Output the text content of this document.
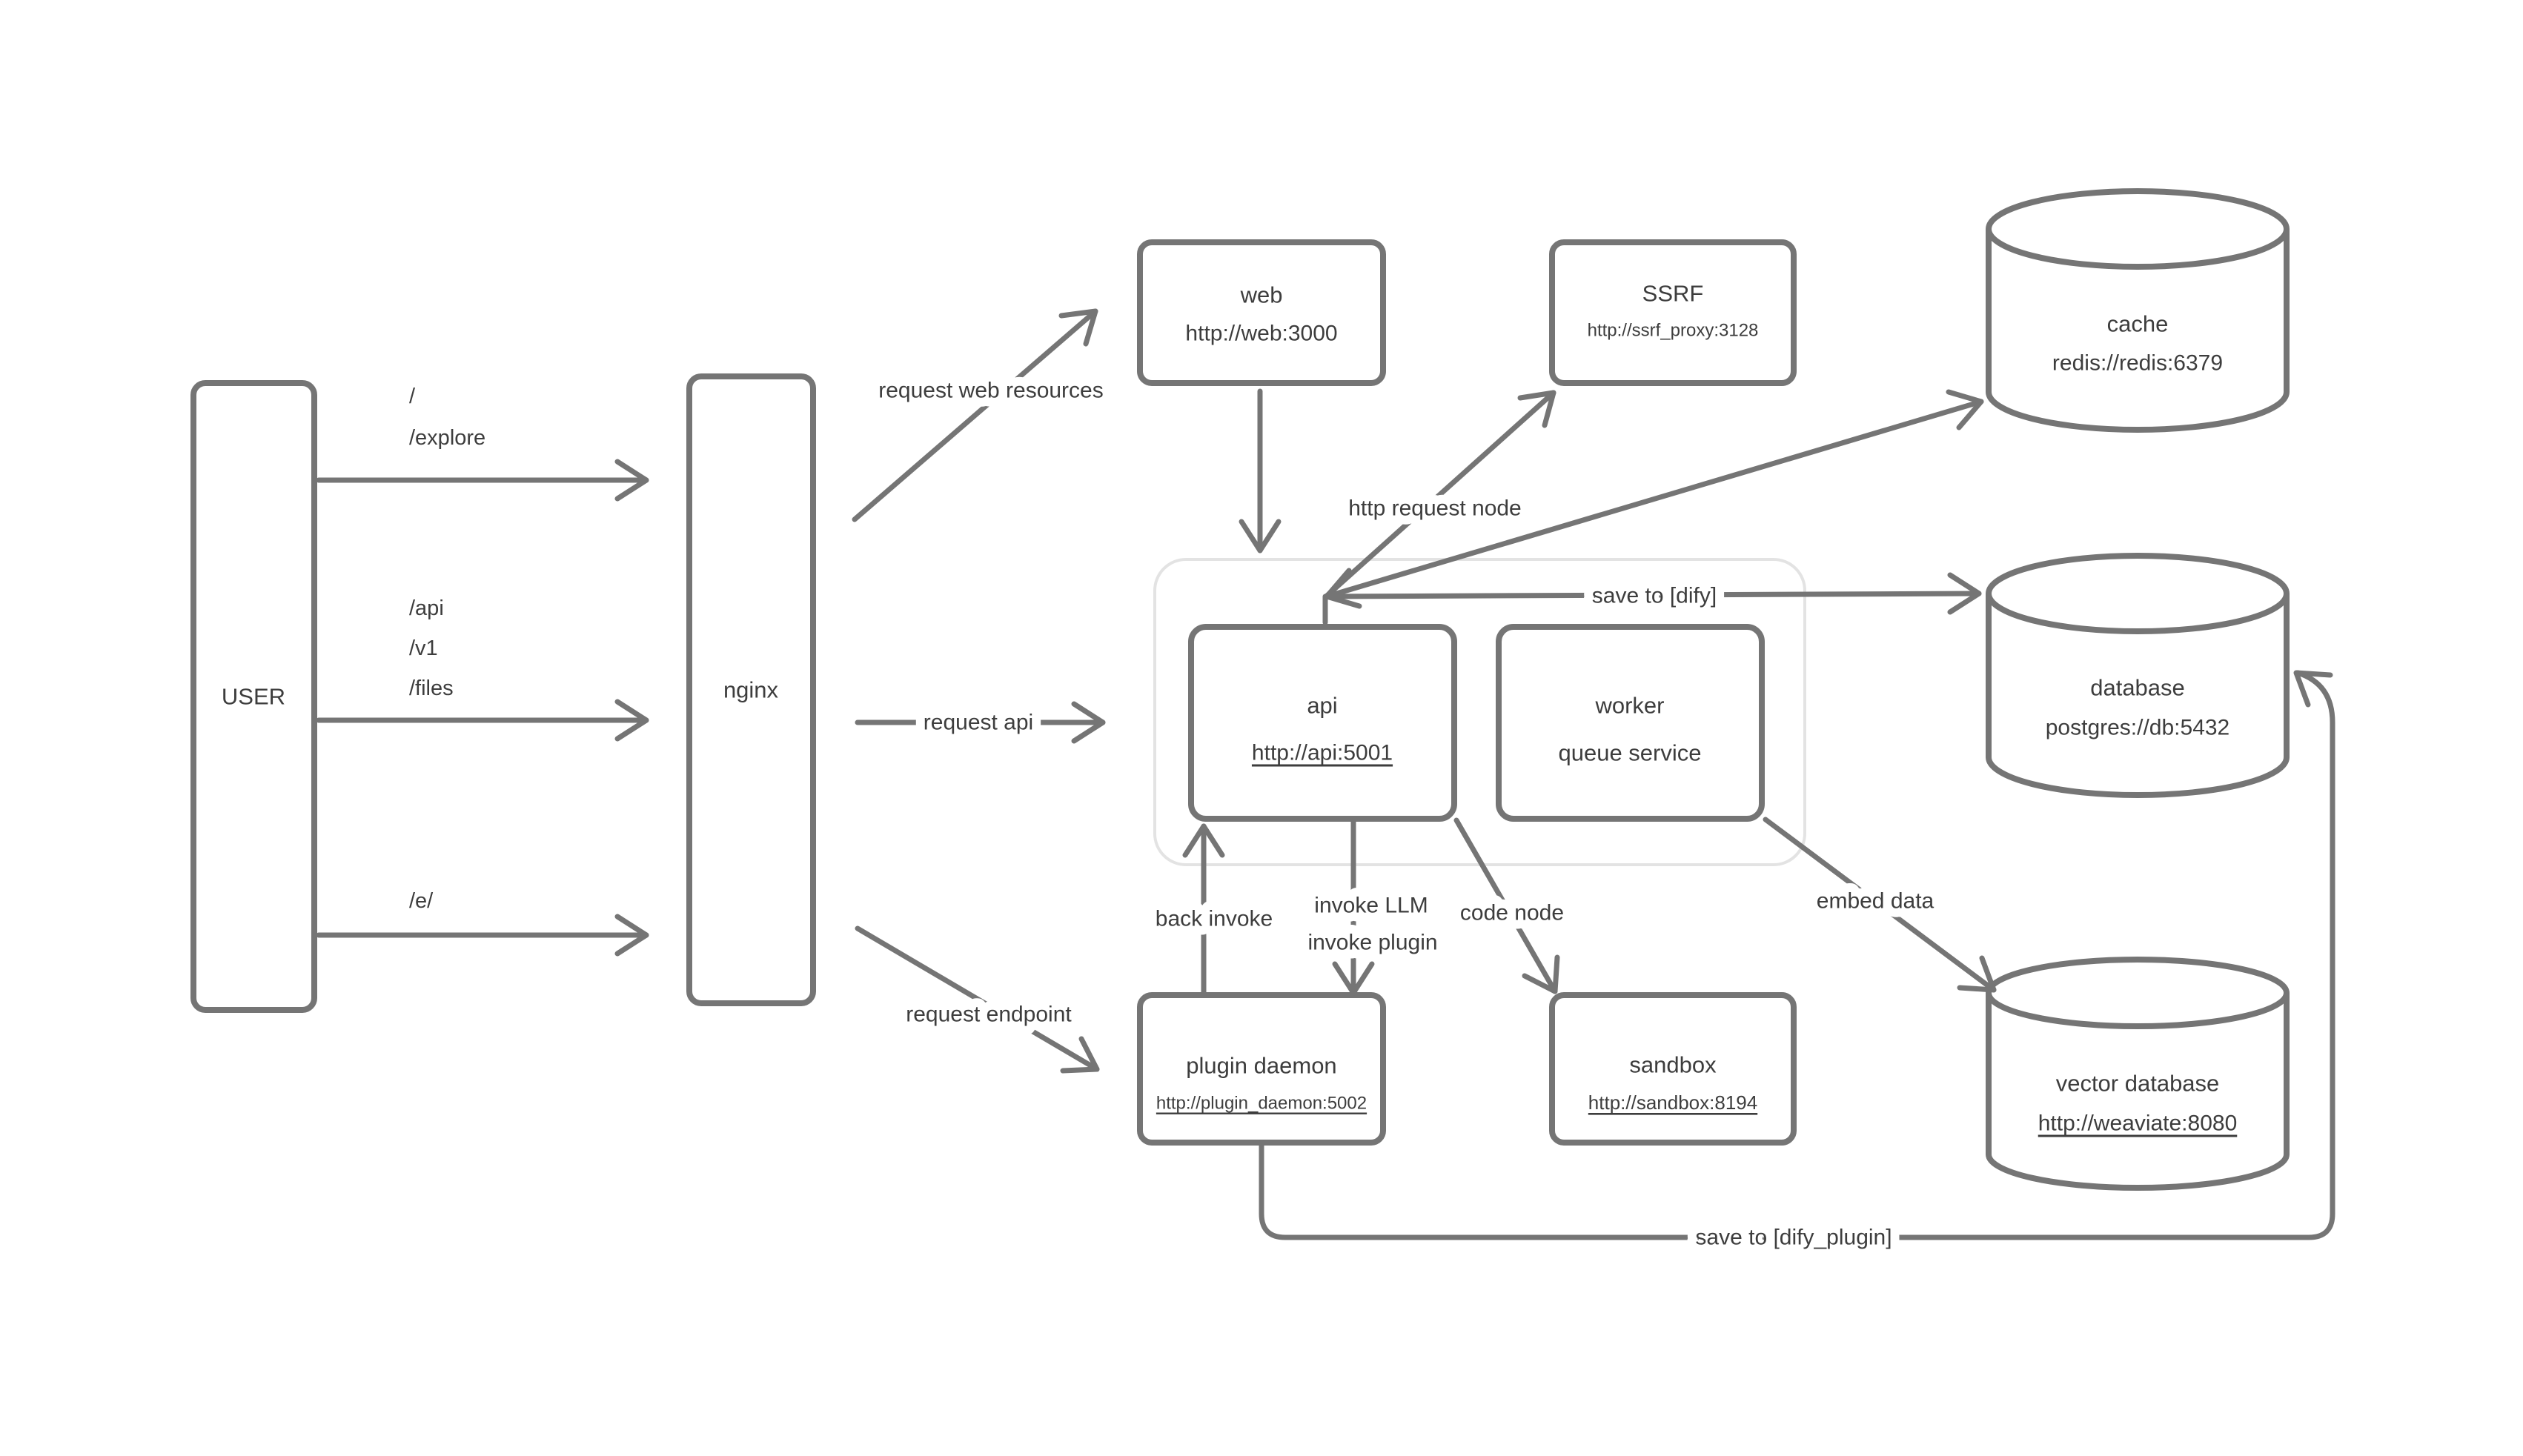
cache
redis://redis:6379
database
postgres://db:5432
vector database
http://weaviate:8080
USER	nginx
web
http://web:3000
SSRF
http://ssrf_proxy:3128
api
http://api:5001
worker
queue service
plugin daemon
http://plugin_daemon:5002
sandbox
http://sandbox:8194
/
/explore
/api
/v1
/files
/e/
request web resources
request api
request endpoint
http request node
save to [dify]
back invoke
invoke LLM
invoke plugin
code node	embed data
save to [dify_plugin]
